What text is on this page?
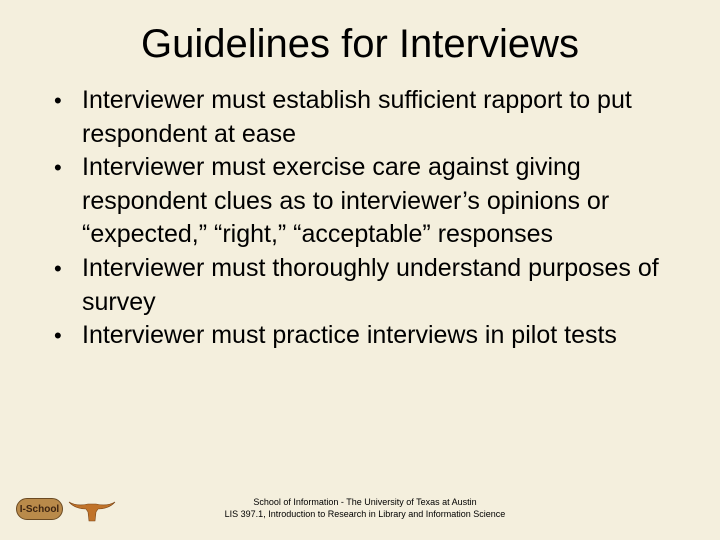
Guidelines for Interviews
• Interviewer must establish sufficient rapport to put respondent at ease
• Interviewer must exercise care against giving respondent clues as to interviewer’s opinions or “expected,” “right,” “acceptable” responses
• Interviewer must thoroughly understand purposes of survey
• Interviewer must practice interviews in pilot tests
I-School
School of Information - The University of Texas at Austin
LIS 397.1, Introduction to Research in Library and Information Science
